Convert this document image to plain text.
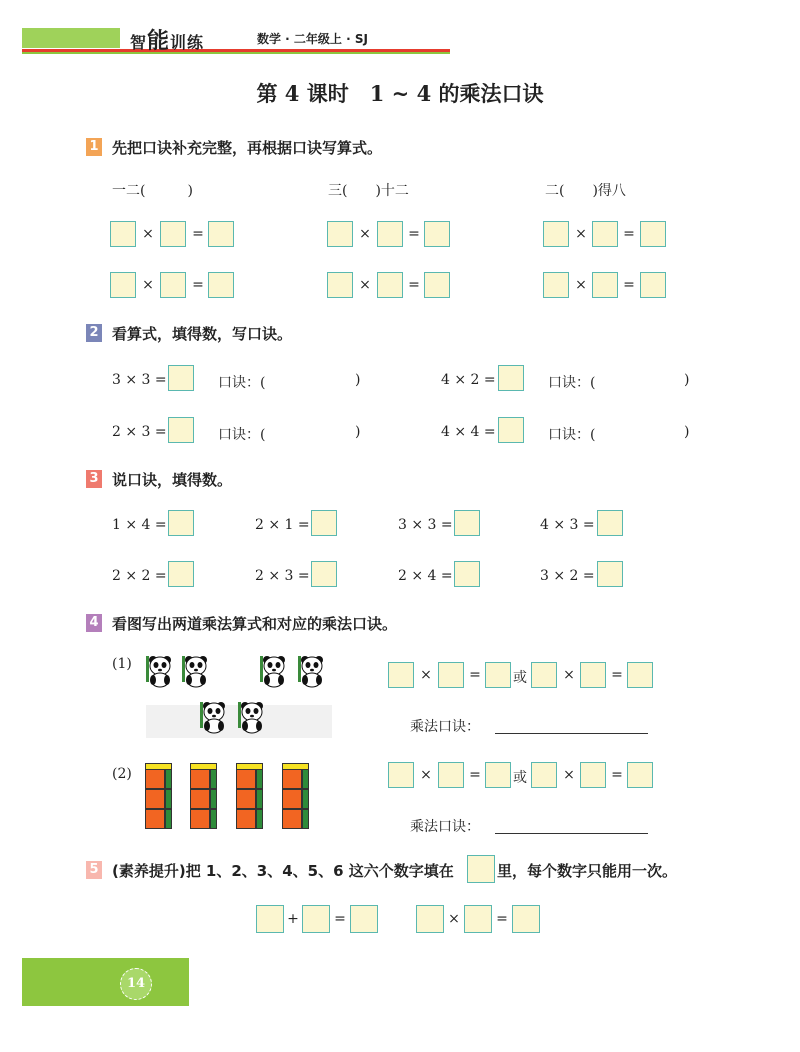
智能训练	数学 · 二年级上 · SJ
第 4 课时　1 ~ 4 的乘法口诀
1 先把口诀补充完整，再根据口诀写算式。
一二(　　　)	三(　　)十二	二(　　)得八
×	=	×	=	×	=
×	=	×	=	×	=
2 看算式，填得数，写口诀。
3 × 3 =	口诀：(	)	4 × 2 =	口诀：(	)
2 × 3 =	口诀：(	)	4 × 4 =	口诀：(	)
3 说口诀，填得数。
1 × 4 =	2 × 1 =	3 × 3 =	4 × 3 =
2 × 2 =	2 × 3 =	2 × 4 =	3 × 2 =
4 看图写出两道乘法算式和对应的乘法口诀。
(1)
×	= 或	×	=
乘法口诀：
(2)	×	= 或	×	=
乘法口诀：
5 (素养提升)把 1、2、3、4、5、6 这六个数字填在	里，每个数字只能用一次。
+	=	×	=
14
